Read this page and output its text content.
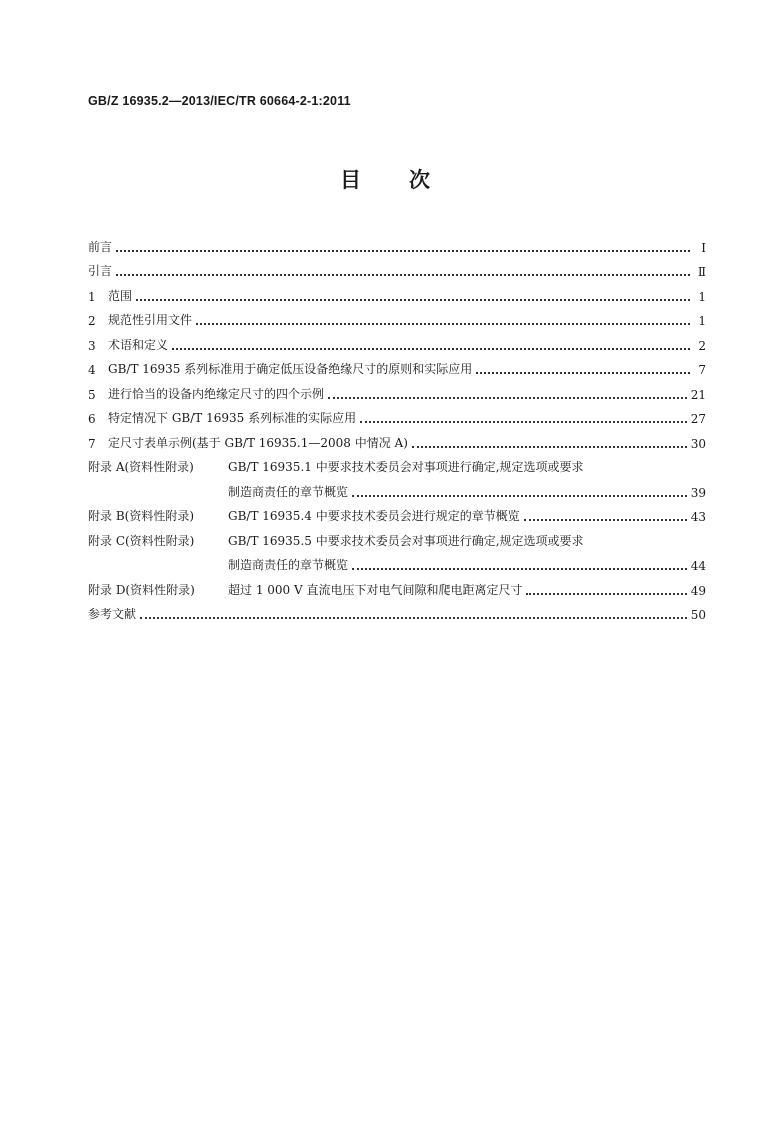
GB/Z 16935.2—2013/IEC/TR 60664-2-1:2011
目 次
前言	Ⅰ
引言	Ⅱ
1	范围	1
2	规范性引用文件	1
3	术语和定义	2
4	GB/T 16935 系列标准用于确定低压设备绝缘尺寸的原则和实际应用	7
5	进行恰当的设备内绝缘定尺寸的四个示例	21
6	特定情况下 GB/T 16935 系列标准的实际应用	27
7	定尺寸表单示例(基于 GB/T 16935.1—2008 中情况 A)	30
附录 A(资料性附录)	GB/T 16935.1 中要求技术委员会对事项进行确定,规定选项或要求
制造商责任的章节概览	39
附录 B(资料性附录)	GB/T 16935.4 中要求技术委员会进行规定的章节概览	43
附录 C(资料性附录)	GB/T 16935.5 中要求技术委员会对事项进行确定,规定选项或要求
制造商责任的章节概览	44
附录 D(资料性附录)	超过 1 000 V 直流电压下对电气间隙和爬电距离定尺寸	49
参考文献	50
